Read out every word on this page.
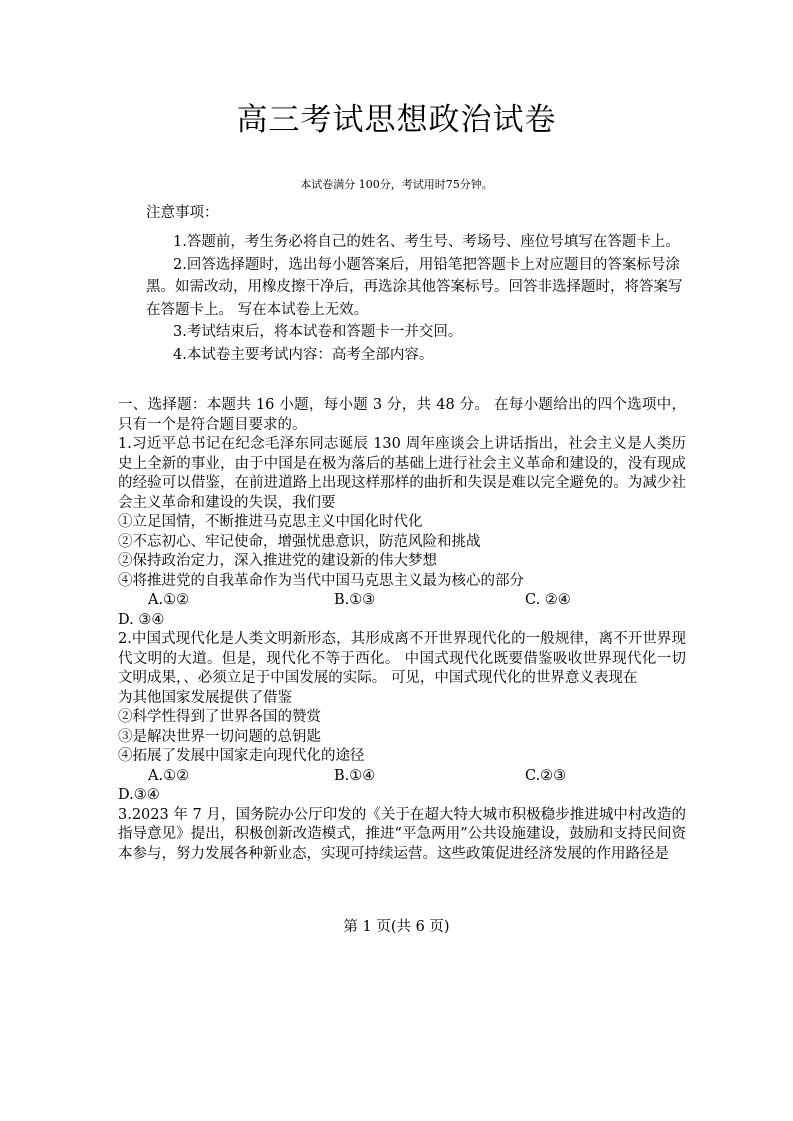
高三考试思想政治试卷
本试卷满分 100分，考试用时75分钟。
注意事项：

1.答题前，考生务必将自己的姓名、考生号、考场号、座位号填写在答题卡上。

2.回答选择题时，选出每小题答案后，用铅笔把答题卡上对应题目的答案标号涂黑。如需改动，用橡皮擦干净后，再选涂其他答案标号。回答非选择题时，将答案写在答题卡上。 写在本试卷上无效。

3.考试结束后，将本试卷和答题卡一并交回。

4.本试卷主要考试内容：高考全部内容。

一、选择题：本题共 16 小题，每小题 3 分，共 48 分。 在每小题给出的四个选项中，只有一个是符合题目要求的。

1.习近平总书记在纪念毛泽东同志诞辰 130 周年座谈会上讲话指出，社会主义是人类历史上全新的事业，由于中国是在极为落后的基础上进行社会主义革命和建设的，没有现成的经验可以借鉴，在前进道路上出现这样那样的曲折和失误是难以完全避免的。为减少社会主义革命和建设的失误，我们要

①立足国情，不断推进马克思主义中国化时代化

②不忘初心、牢记使命，增强忧患意识，防范风险和挑战

②保持政治定力，深入推进党的建设新的伟大梦想

④将推进党的自我革命作为当代中国马克思主义最为核心的部分

A.①②	B.①③	C. ②④

D. ③④

2.中国式现代化是人类文明新形态，其形成离不开世界现代化的一般规律，离不开世界现代文明的大道。但是，现代化不等于西化。 中国式现代化既要借鉴吸收世界现代化一切文明成果，、必须立足于中国发展的实际。 可见，中国式现代化的世界意义表现在

为其他国家发展提供了借鉴

②科学性得到了世界各国的赞赏

③是解决世界一切问题的总钥匙

④拓展了发展中国家走向现代化的途径

A.①②	B.①④	C.②③

D.③④

3.2023 年 7 月，国务院办公厅印发的《关于在超大特大城市积极稳步推进城中村改造的指导意见》提出，积极创新改造模式，推进“平急两用”公共设施建设，鼓励和支持民间资本参与，努力发展各种新业态，实现可持续运营。这些政策促进经济发展的作用路径是

第 1 页(共 6 页)
